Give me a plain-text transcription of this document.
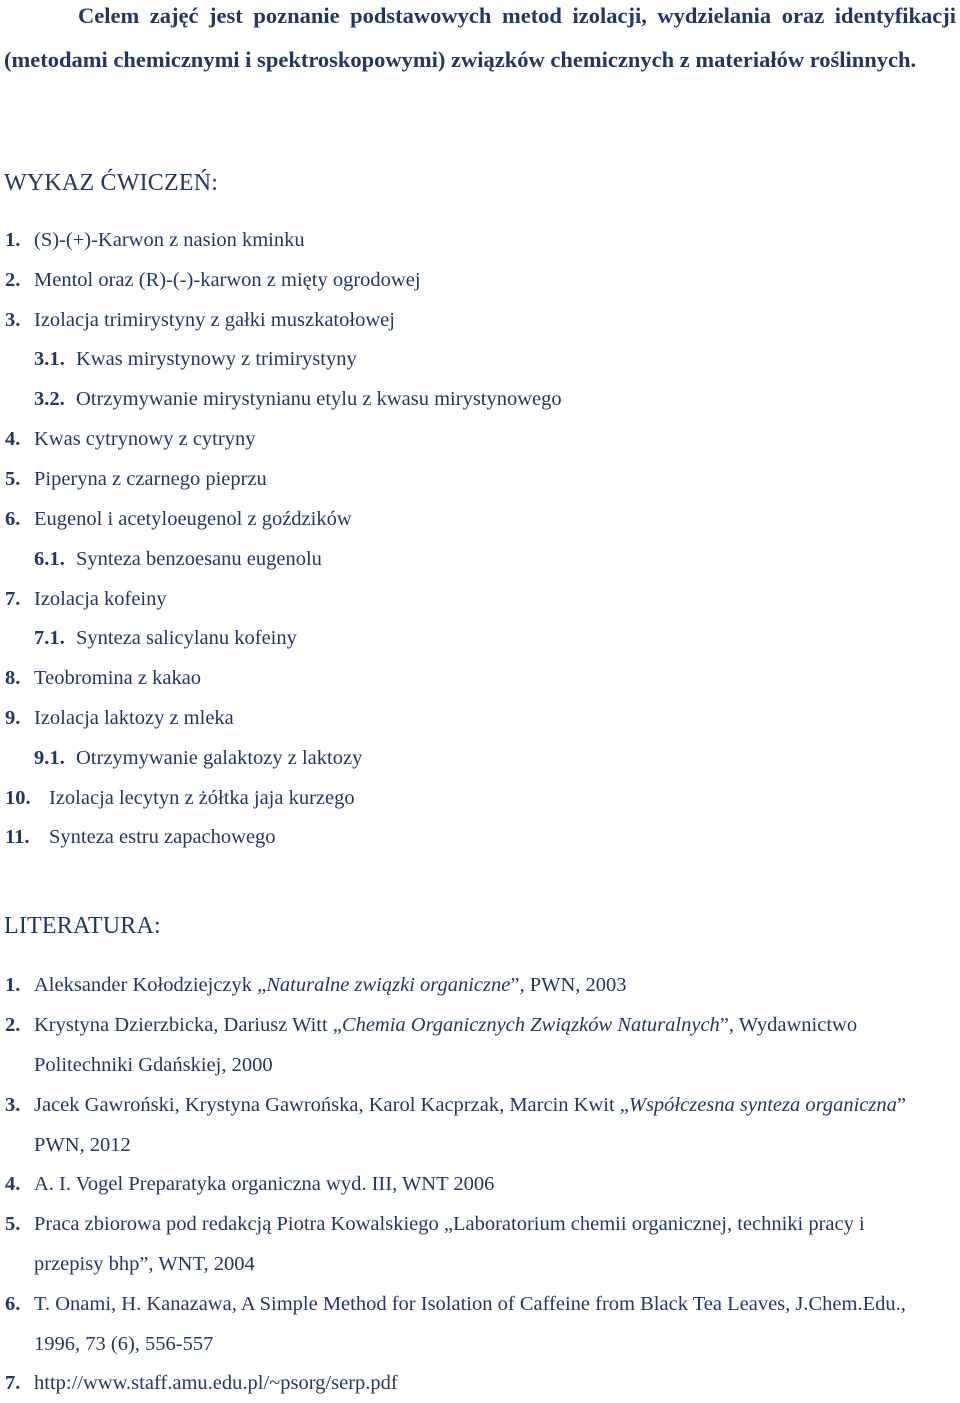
Celem zajęć jest poznanie podstawowych metod izolacji, wydzielania oraz identyfikacji (metodami chemicznymi i spektroskopowymi) związków chemicznych z materiałów roślinnych.
WYKAZ ĆWICZEŃ:
1. (S)-(+)-Karwon z nasion kminku
2. Mentol oraz (R)-(-)-karwon z mięty ogrodowej
3. Izolacja trimirystyny z gałki muszkatołowej
3.1. Kwas mirystynowy z trimirystyny
3.2. Otrzymywanie mirystynianu etylu z kwasu mirystynowego
4. Kwas cytrynowy z cytryny
5. Piperyna z czarnego pieprzu
6. Eugenol i acetyloeugenol z goździków
6.1. Synteza benzoesanu eugenolu
7. Izolacja kofeiny
7.1. Synteza salicylanu kofeiny
8. Teobromina z kakao
9. Izolacja laktozy z mleka
9.1. Otrzymywanie galaktozy z laktozy
10. Izolacja lecytyn z żółtka jaja kurzego
11. Synteza estru zapachowego
LITERATURA:
1. Aleksander Kołodziejczyk „Naturalne związki organiczne”, PWN, 2003
2. Krystyna Dzierzbicka, Dariusz Witt „Chemia Organicznych Związków Naturalnych”, Wydawnictwo Politechniki Gdańskiej, 2000
3. Jacek Gawroński, Krystyna Gawrońska, Karol Kacprzak, Marcin Kwit „Współczesna synteza organiczna” PWN, 2012
4. A. I. Vogel Preparatyka organiczna wyd. III, WNT 2006
5. Praca zbiorowa pod redakcją Piotra Kowalskiego „Laboratorium chemii organicznej, techniki pracy i przepisy bhp”, WNT, 2004
6. T. Onami, H. Kanazawa, A Simple Method for Isolation of Caffeine from Black Tea Leaves, J.Chem.Edu., 1996, 73 (6), 556-557
7. http://www.staff.amu.edu.pl/~psorg/serp.pdf
